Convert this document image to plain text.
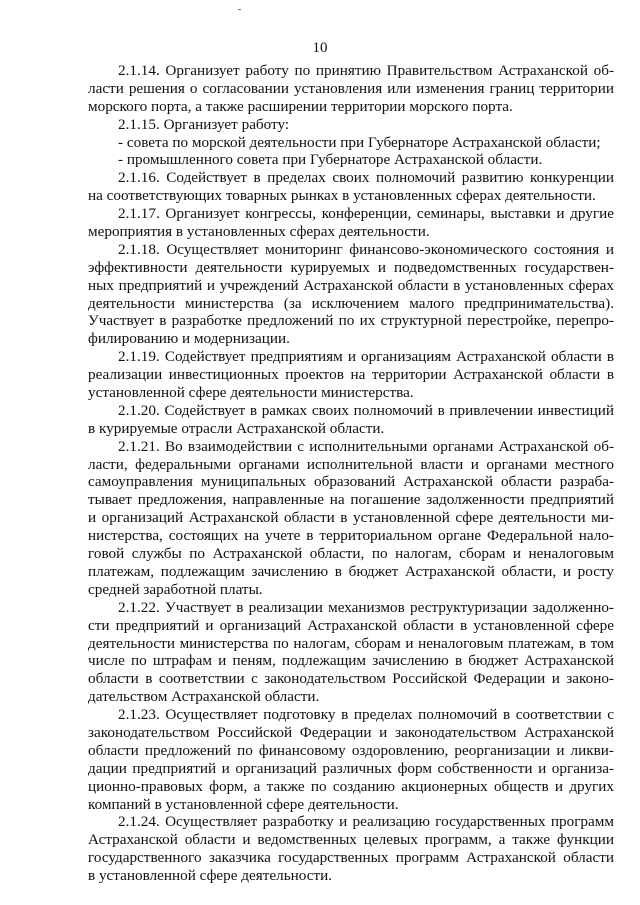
10
2.1.14. Организует работу по принятию Правительством Астраханской об-
ласти решения о согласовании установления или изменения границ территории
морского порта, а также расширении территории морского порта.
2.1.15. Организует работу:
- совета по морской деятельности при Губернаторе Астраханской области;
- промышленного совета при Губернаторе Астраханской области.
2.1.16. Содействует в пределах своих полномочий развитию конкуренции
на соответствующих товарных рынках в установленных сферах деятельности.
2.1.17. Организует конгрессы, конференции, семинары, выставки и другие
мероприятия в установленных сферах деятельности.
2.1.18. Осуществляет мониторинг финансово-экономического состояния и
эффективности деятельности курируемых и подведомственных государствен-
ных предприятий и учреждений Астраханской области в установленных сферах
деятельности министерства (за исключением малого предпринимательства).
Участвует в разработке предложений по их структурной перестройке, перепро-
филированию и модернизации.
2.1.19. Содействует предприятиям и организациям Астраханской области в
реализации инвестиционных проектов на территории Астраханской области в
установленной сфере деятельности министерства.
2.1.20. Содействует в рамках своих полномочий в привлечении инвестиций
в курируемые отрасли Астраханской области.
2.1.21. Во взаимодействии с исполнительными органами Астраханской об-
ласти, федеральными органами исполнительной власти и органами местного
самоуправления муниципальных образований Астраханской области разраба-
тывает предложения, направленные на погашение задолженности предприятий
и организаций Астраханской области в установленной сфере деятельности ми-
нистерства, состоящих на учете в территориальном органе Федеральной нало-
говой службы по Астраханской области, по налогам, сборам и неналоговым
платежам, подлежащим зачислению в бюджет Астраханской области, и росту
средней заработной платы.
2.1.22. Участвует в реализации механизмов реструктуризации задолженно-
сти предприятий и организаций Астраханской области в установленной сфере
деятельности министерства по налогам, сборам и неналоговым платежам, в том
числе по штрафам и пеням, подлежащим зачислению в бюджет Астраханской
области в соответствии с законодательством Российской Федерации и законо-
дательством Астраханской области.
2.1.23. Осуществляет подготовку в пределах полномочий в соответствии с
законодательством Российской Федерации и законодательством Астраханской
области предложений по финансовому оздоровлению, реорганизации и ликви-
дации предприятий и организаций различных форм собственности и организа-
ционно-правовых форм, а также по созданию акционерных обществ и других
компаний в установленной сфере деятельности.
2.1.24. Осуществляет разработку и реализацию государственных программ
Астраханской области и ведомственных целевых программ, а также функции
государственного заказчика государственных программ Астраханской области
в установленной сфере деятельности.
